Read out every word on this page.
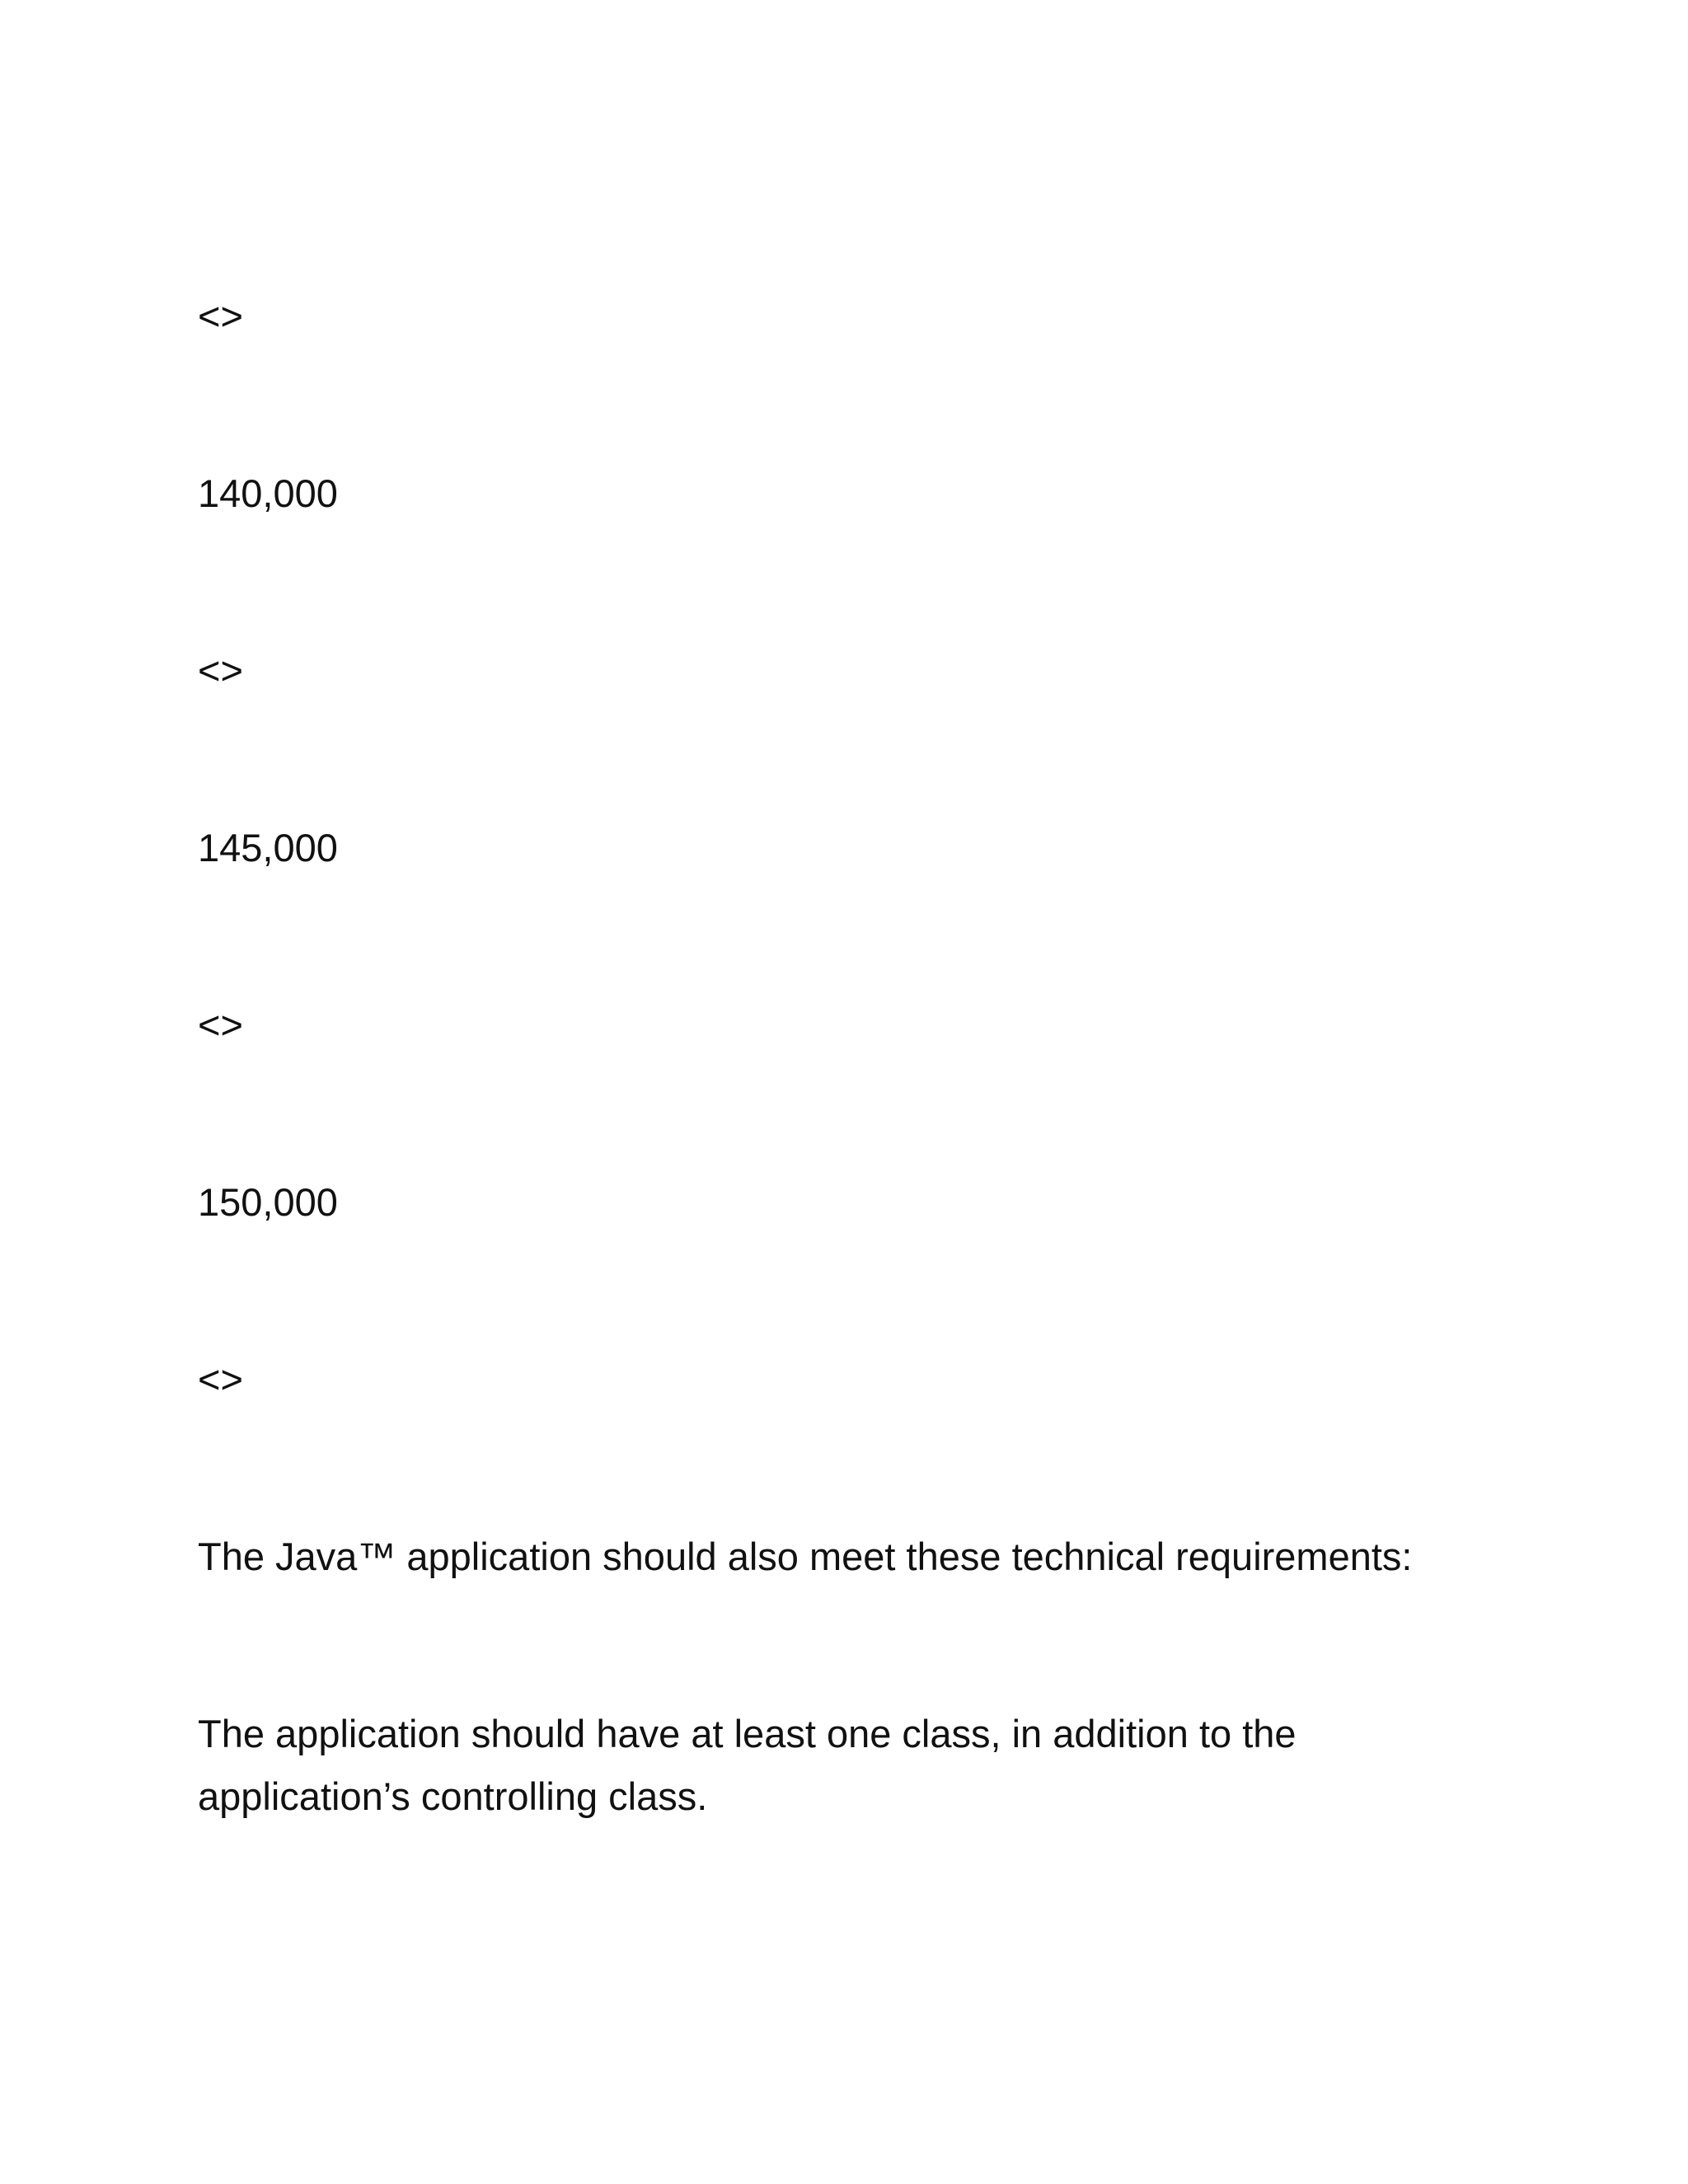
<>

140,000

<>

145,000

<>

150,000

<>

The Java™ application should also meet these technical requirements:

The application should have at least one class, in addition to the application’s controlling class.
